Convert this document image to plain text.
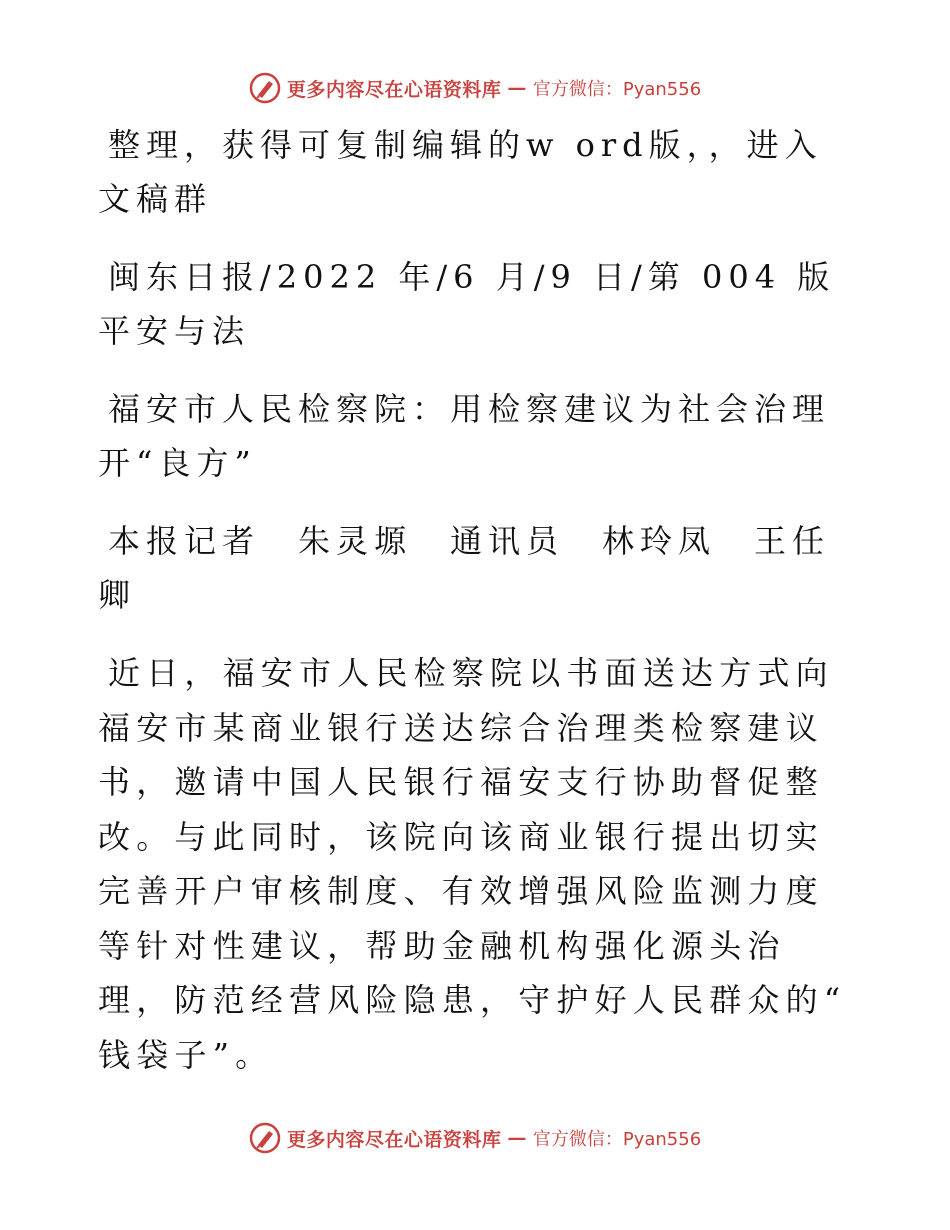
更多内容尽在心语资料库 — 官方微信：Pyan556

整理，获得可复制编辑的w ord版，，进入文稿群

闽东日报/2022 年/6 月/9 日/第 004 版平安与法

福安市人民检察院：用检察建议为社会治理开“良方”

本报记者　朱灵塬　通讯员　林玲凤　王任卿

近日，福安市人民检察院以书面送达方式向福安市某商业银行送达综合治理类检察建议书，邀请中国人民银行福安支行协助督促整改。与此同时，该院向该商业银行提出切实完善开户审核制度、有效增强风险监测力度等针对性建议，帮助金融机构强化源头治理，防范经营风险隐患，守护好人民群众的“ 钱袋子”。

更多内容尽在心语资料库 — 官方微信：Pyan556
